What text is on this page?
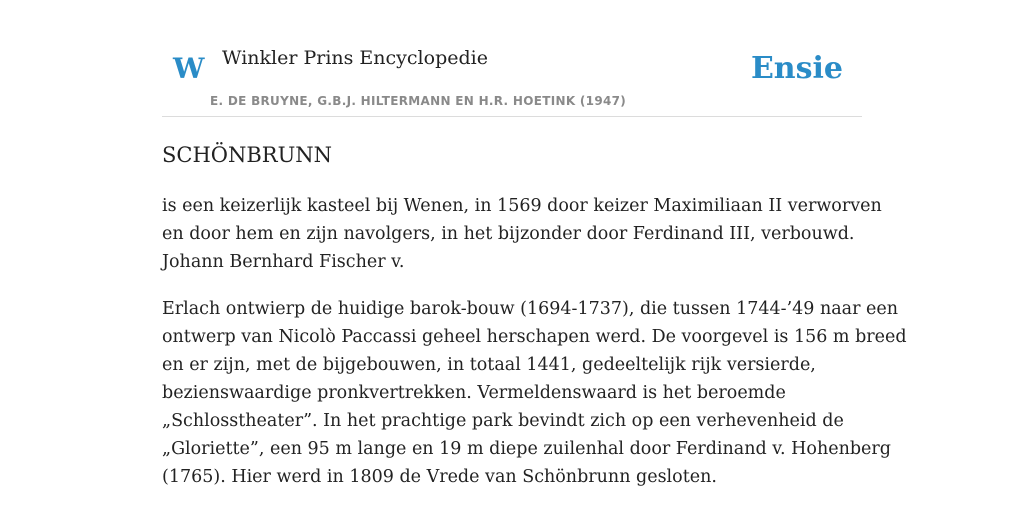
W Winkler Prins Encyclopedie
E. DE BRUYNE, G.B.J. HILTERMANN EN H.R. HOETINK (1947)
Ensie
SCHÖNBRUNN

is een keizerlijk kasteel bij Wenen, in 1569 door keizer Maximiliaan II verworven
en door hem en zijn navolgers, in het bijzonder door Ferdinand III, verbouwd.
Johann Bernhard Fischer v.

Erlach ontwierp de huidige barok-bouw (1694-1737), die tussen 1744-’49 naar een
ontwerp van Nicolò Paccassi geheel herschapen werd. De voorgevel is 156 m breed
en er zijn, met de bijgebouwen, in totaal 1441, gedeeltelijk rijk versierde,
bezienswaardige pronkvertrekken. Vermeldenswaard is het beroemde
„Schlosstheater”. In het prachtige park bevindt zich op een verhevenheid de
„Gloriette”, een 95 m lange en 19 m diepe zuilenhal door Ferdinand v. Hohenberg
(1765). Hier werd in 1809 de Vrede van Schönbrunn gesloten.
